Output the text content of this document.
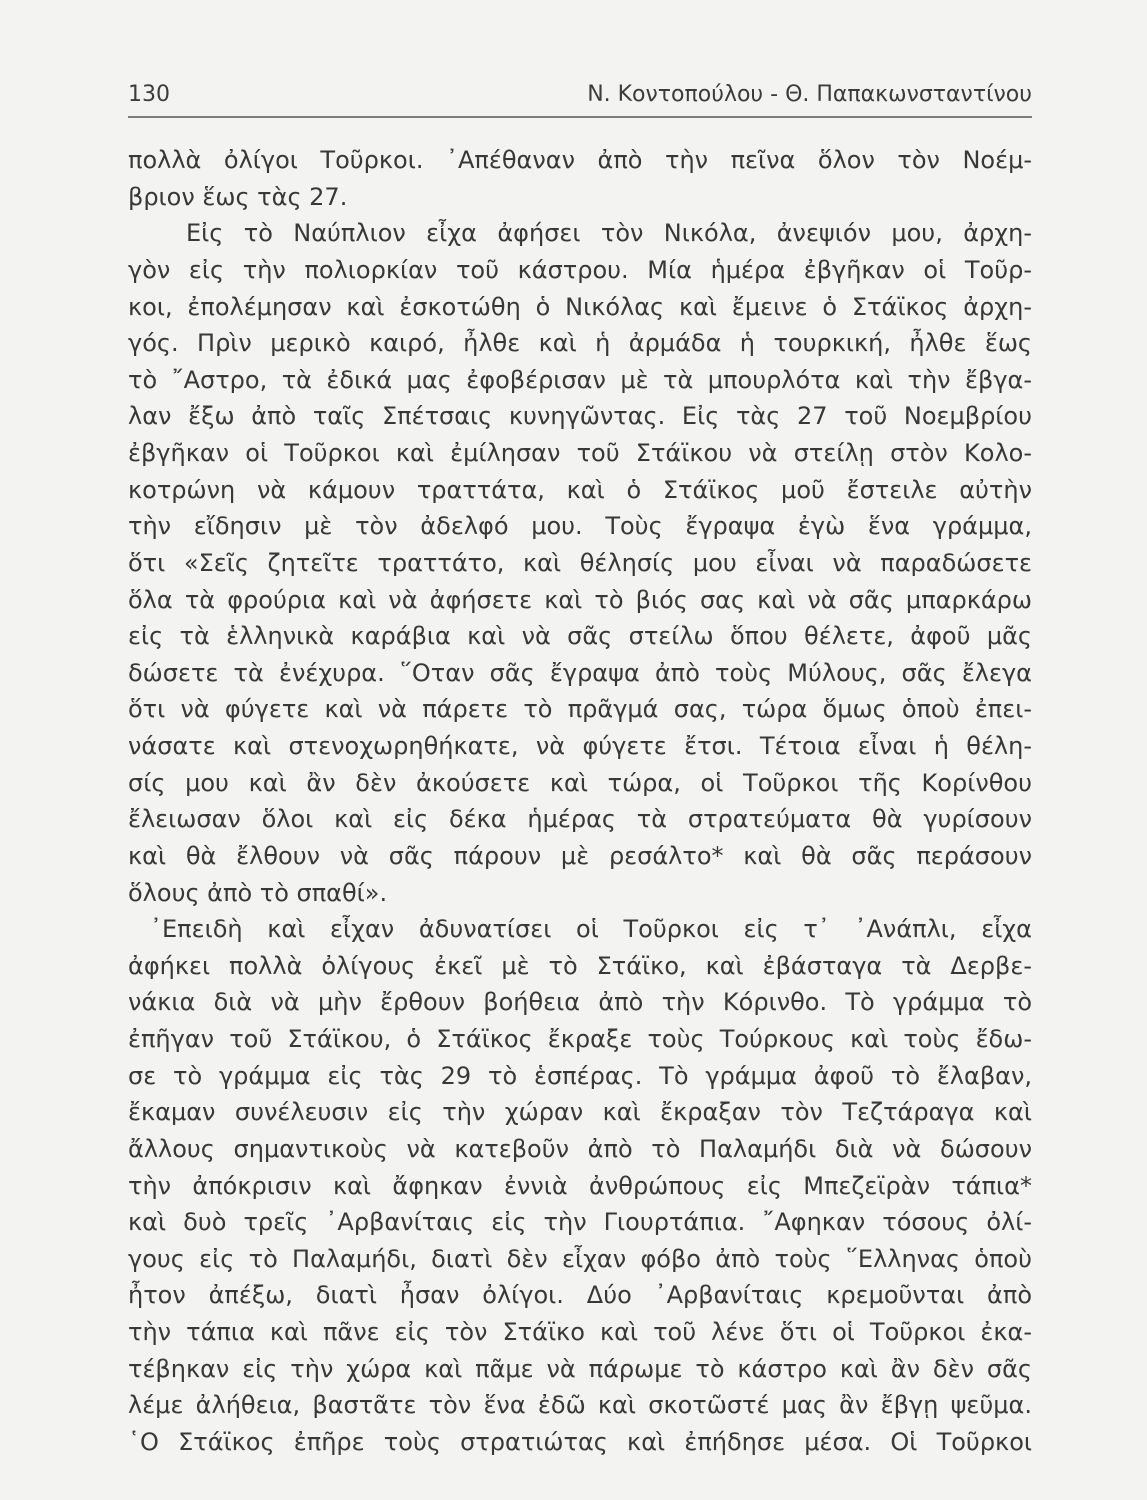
130	Ν. Κοντοπούλου - Θ. Παπακωνσταντίνου
πολλὰ ὀλίγοι Τοῦρκοι. ᾿Απέθαναν ἀπὸ τὴν πεῖνα ὅλον τὸν Νοέμ-
βριον ἕως τὰς 27.
Εἰς τὸ Ναύπλιον εἶχα ἀφήσει τὸν Νικόλα, ἀνεψιόν μου, ἀρχη-
γὸν εἰς τὴν πολιορκίαν τοῦ κάστρου. Μία ἡμέρα ἐβγῆκαν οἱ Τοῦρ-
κοι, ἐπολέμησαν καὶ ἐσκοτώθη ὁ Νικόλας καὶ ἔμεινε ὁ Στάϊκος ἀρχη-
γός. Πρὶν μερικὸ καιρό, ἦλθε καὶ ἡ ἀρμάδα ἡ τουρκική, ἦλθε ἕως
τὸ ῎Αστρο, τὰ ἐδικά μας ἐφοβέρισαν μὲ τὰ μπουρλότα καὶ τὴν ἔβγα-
λαν ἔξω ἀπὸ ταῖς Σπέτσαις κυνηγῶντας. Εἰς τὰς 27 τοῦ Νοεμβρίου
ἐβγῆκαν οἱ Τοῦρκοι καὶ ἐμίλησαν τοῦ Στάϊκου νὰ στείλῃ στὸν Κολο-
κοτρώνη νὰ κάμουν τραττάτα, καὶ ὁ Στάϊκος μοῦ ἔστειλε αὐτὴν
τὴν εἴδησιν μὲ τὸν ἀδελφό μου. Τοὺς ἔγραψα ἐγὼ ἕνα γράμμα,
ὅτι «Σεῖς ζητεῖτε τραττάτο, καὶ θέλησίς μου εἶναι νὰ παραδώσετε
ὅλα τὰ φρούρια καὶ νὰ ἀφήσετε καὶ τὸ βιός σας καὶ νὰ σᾶς μπαρκάρω
εἰς τὰ ἑλληνικὰ καράβια καὶ νὰ σᾶς στείλω ὅπου θέλετε, ἀφοῦ μᾶς
δώσετε τὰ ἐνέχυρα. ῞Οταν σᾶς ἔγραψα ἀπὸ τοὺς Μύλους, σᾶς ἔλεγα
ὅτι νὰ φύγετε καὶ νὰ πάρετε τὸ πρᾶγμά σας, τώρα ὅμως ὁποὺ ἐπει-
νάσατε καὶ στενοχωρηθήκατε, νὰ φύγετε ἔτσι. Τέτοια εἶναι ἡ θέλη-
σίς μου καὶ ἂν δὲν ἀκούσετε καὶ τώρα, οἱ Τοῦρκοι τῆς Κορίνθου
ἔλειωσαν ὅλοι καὶ εἰς δέκα ἡμέρας τὰ στρατεύματα θὰ γυρίσουν
καὶ θὰ ἔλθουν νὰ σᾶς πάρουν μὲ ρεσάλτο* καὶ θὰ σᾶς περάσουν
ὅλους ἀπὸ τὸ σπαθί».
᾿Επειδὴ καὶ εἶχαν ἀδυνατίσει οἱ Τοῦρκοι εἰς τ᾿ ᾿Ανάπλι, εἶχα
ἀφήκει πολλὰ ὀλίγους ἐκεῖ μὲ τὸ Στάϊκο, καὶ ἐβάσταγα τὰ Δερβε-
νάκια διὰ νὰ μὴν ἔρθουν βοήθεια ἀπὸ τὴν Κόρινθο. Τὸ γράμμα τὸ
ἐπῆγαν τοῦ Στάϊκου, ὁ Στάϊκος ἔκραξε τοὺς Τούρκους καὶ τοὺς ἔδω-
σε τὸ γράμμα εἰς τὰς 29 τὸ ἑσπέρας. Τὸ γράμμα ἀφοῦ τὸ ἔλαβαν,
ἔκαμαν συνέλευσιν εἰς τὴν χώραν καὶ ἔκραξαν τὸν Τεζτάραγα καὶ
ἄλλους σημαντικοὺς νὰ κατεβοῦν ἀπὸ τὸ Παλαμήδι διὰ νὰ δώσουν
τὴν ἀπόκρισιν καὶ ἄφηκαν ἐννιὰ ἀνθρώπους εἰς Μπεζεϊρὰν τάπια*
καὶ δυὸ τρεῖς ᾿Αρβανίταις εἰς τὴν Γιουρτάπια. ῎Αφηκαν τόσους ὀλί-
γους εἰς τὸ Παλαμήδι, διατὶ δὲν εἶχαν φόβο ἀπὸ τοὺς ῞Ελληνας ὁποὺ
ἦτον ἀπέξω, διατὶ ἦσαν ὀλίγοι. Δύο ᾿Αρβανίταις κρεμοῦνται ἀπὸ
τὴν τάπια καὶ πᾶνε εἰς τὸν Στάϊκο καὶ τοῦ λένε ὅτι οἱ Τοῦρκοι ἐκα-
τέβηκαν εἰς τὴν χώρα καὶ πᾶμε νὰ πάρωμε τὸ κάστρο καὶ ἂν δὲν σᾶς
λέμε ἀλήθεια, βαστᾶτε τὸν ἕνα ἐδῶ καὶ σκοτῶστέ μας ἂν ἔβγῃ ψεῦμα.
῾Ο Στάϊκος ἐπῆρε τοὺς στρατιώτας καὶ ἐπήδησε μέσα. Οἱ Τοῦρκοι
